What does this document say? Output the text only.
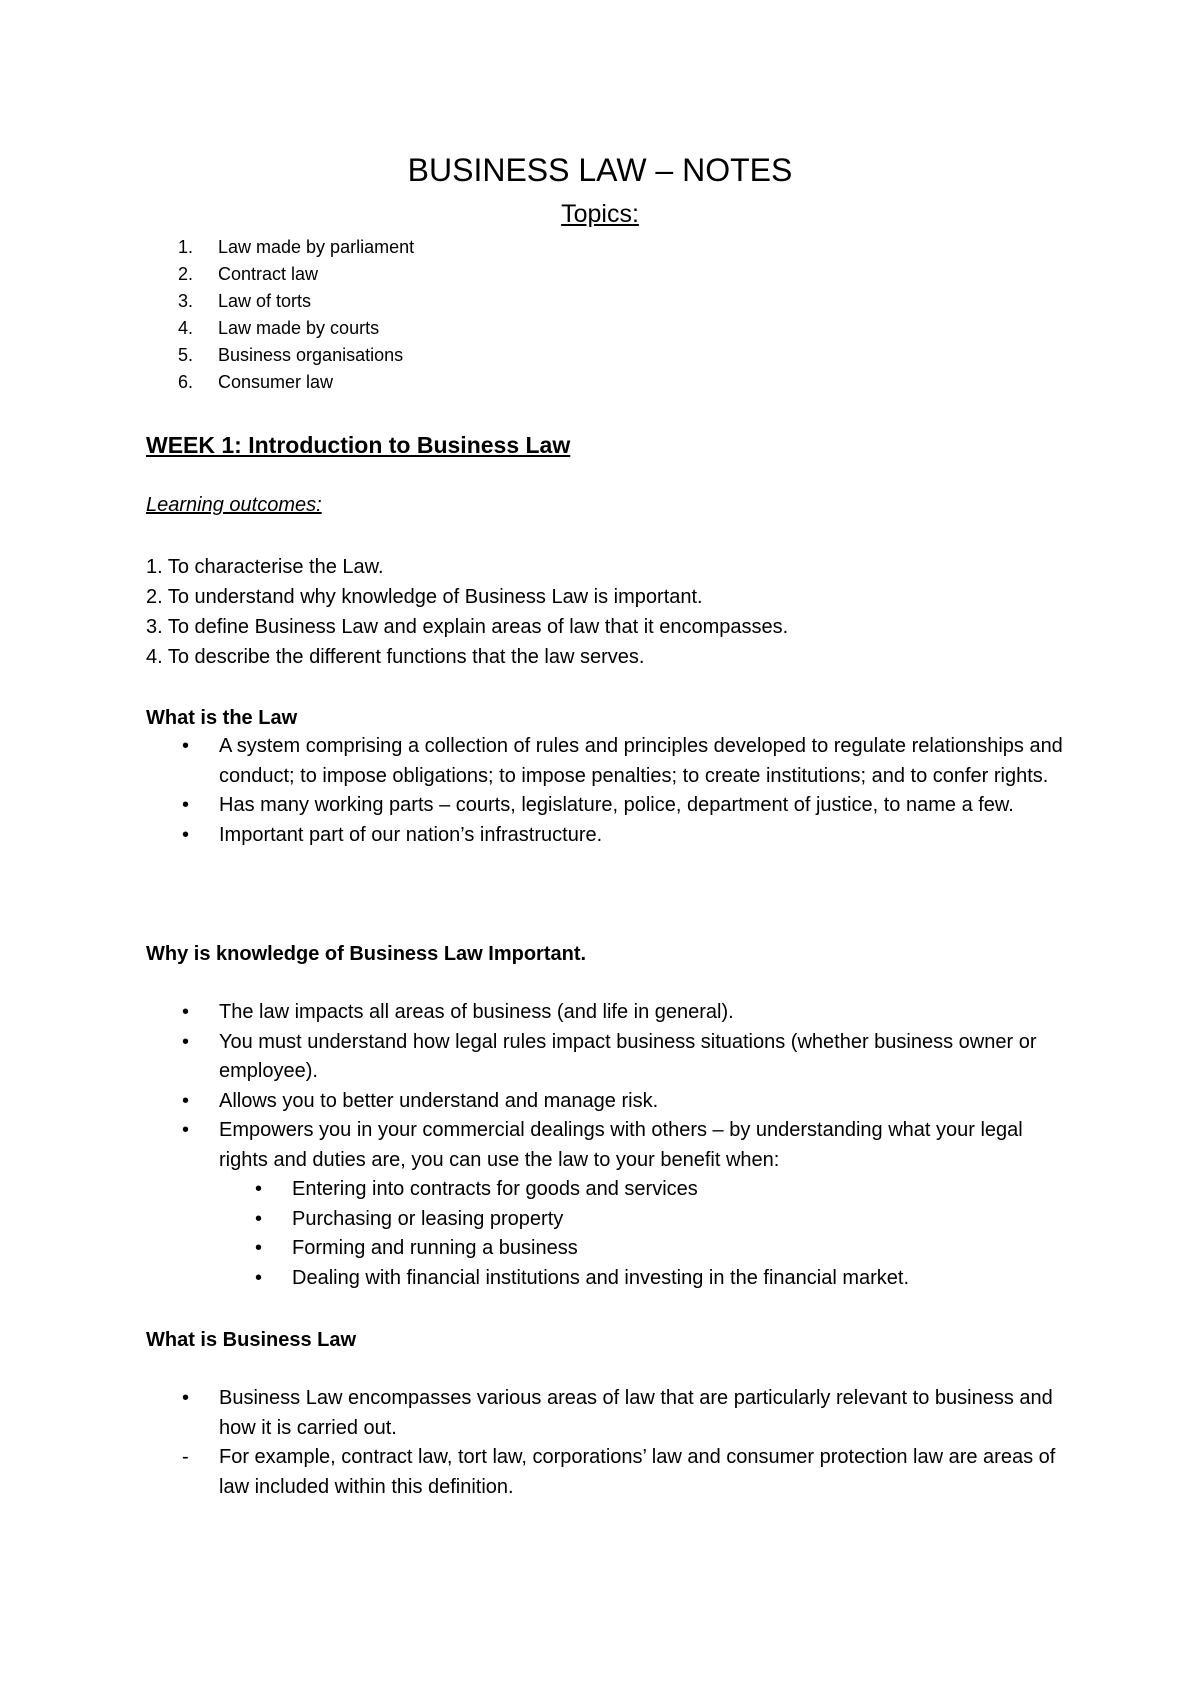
BUSINESS LAW – NOTES
Topics:
1.	Law made by parliament
2.	Contract law
3.	Law of torts
4.	Law made by courts
5.	Business organisations
6.	Consumer law
WEEK 1: Introduction to Business Law
Learning outcomes:
1. To characterise the Law.
2. To understand why knowledge of Business Law is important.
3. To define Business Law and explain areas of law that it encompasses.
4. To describe the different functions that the law serves.
What is the Law
• A system comprising a collection of rules and principles developed to regulate relationships and conduct; to impose obligations; to impose penalties; to create institutions; and to confer rights.
• Has many working parts – courts, legislature, police, department of justice, to name a few.
• Important part of our nation’s infrastructure.
Why is knowledge of Business Law Important.
• The law impacts all areas of business (and life in general).
• You must understand how legal rules impact business situations (whether business owner or employee).
• Allows you to better understand and manage risk.
• Empowers you in your commercial dealings with others – by understanding what your legal rights and duties are, you can use the law to your benefit when:
• Entering into contracts for goods and services
• Purchasing or leasing property
• Forming and running a business
• Dealing with financial institutions and investing in the financial market.
What is Business Law
• Business Law encompasses various areas of law that are particularly relevant to business and how it is carried out.
- For example, contract law, tort law, corporations’ law and consumer protection law are areas of law included within this definition.
